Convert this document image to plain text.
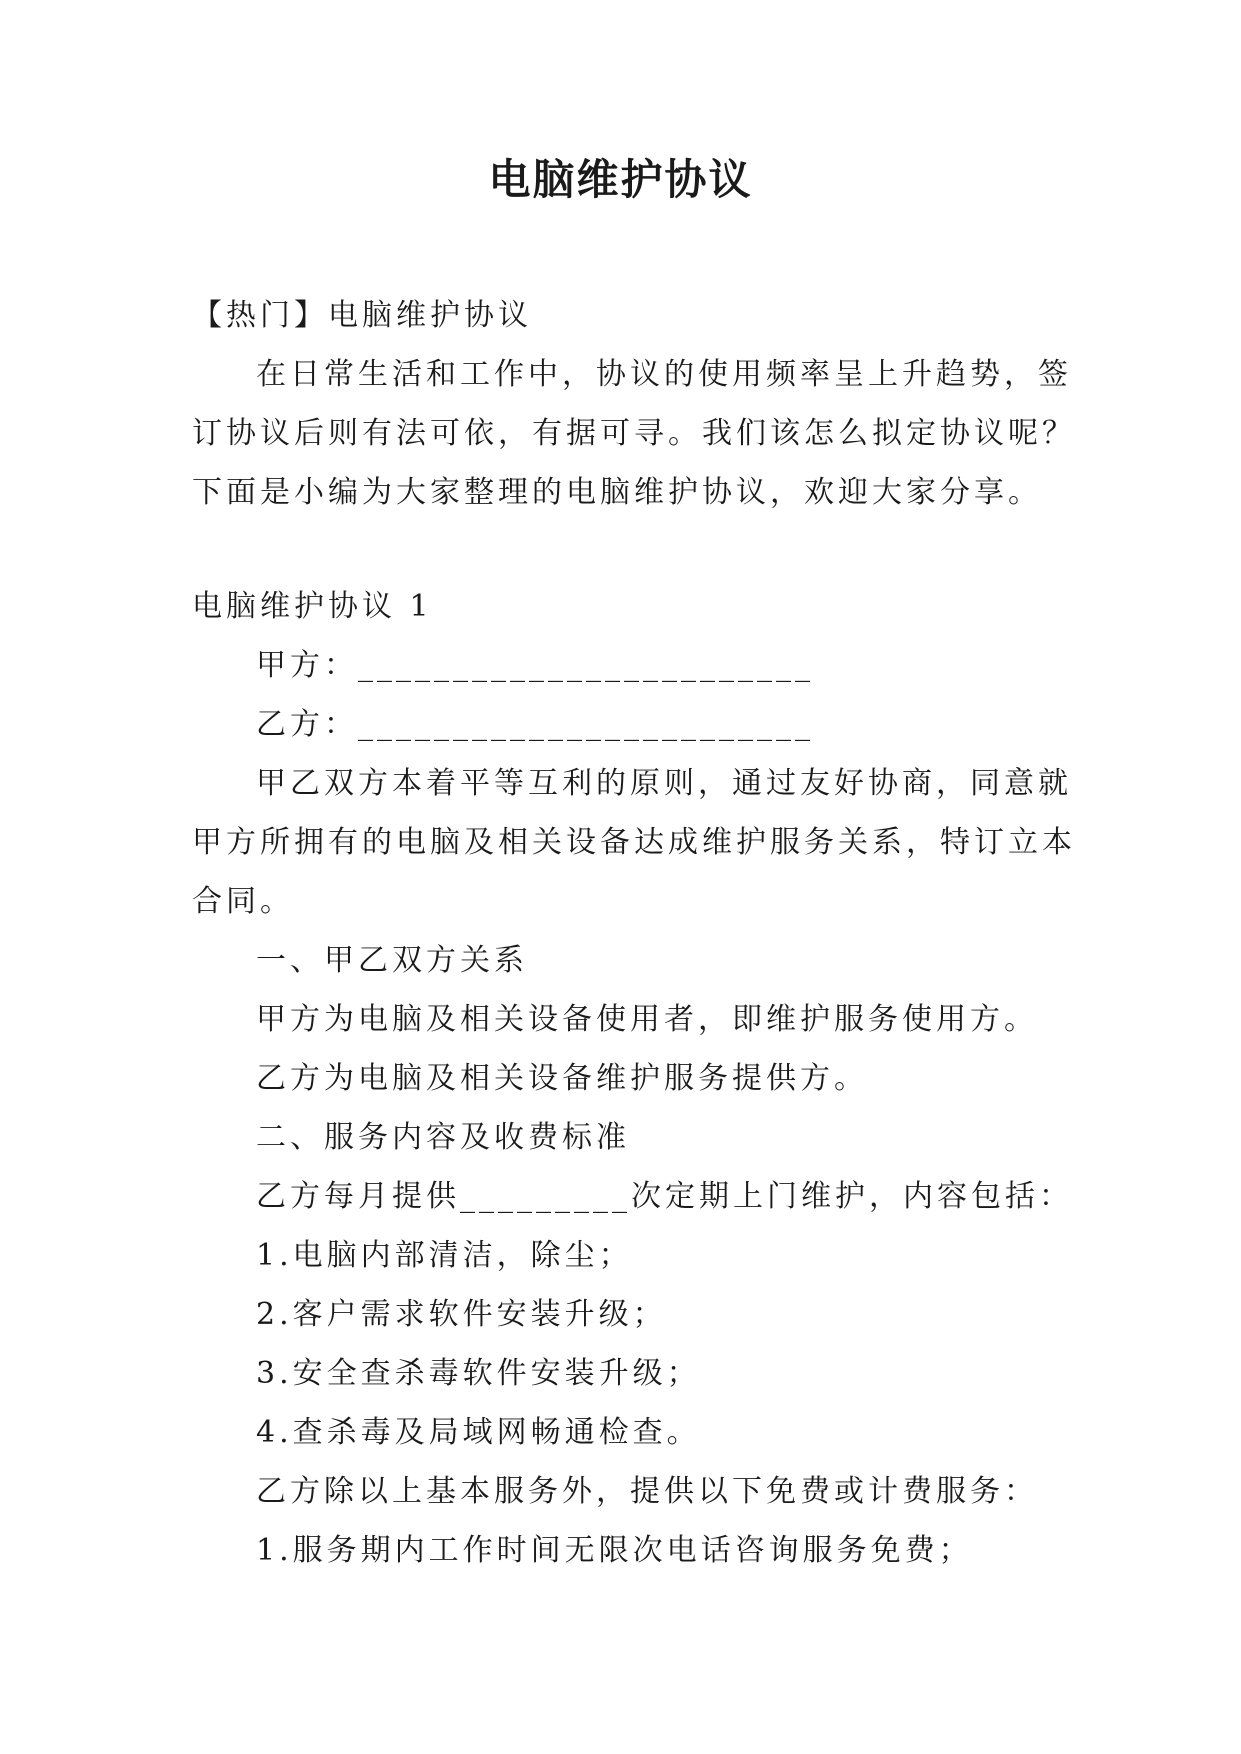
电脑维护协议
【热门】电脑维护协议
在日常生活和工作中，协议的使用频率呈上升趋势，签
订协议后则有法可依，有据可寻。我们该怎么拟定协议呢？
下面是小编为大家整理的电脑维护协议，欢迎大家分享。
电脑维护协议 1
甲方：________________________
乙方：________________________
甲乙双方本着平等互利的原则，通过友好协商，同意就
甲方所拥有的电脑及相关设备达成维护服务关系，特订立本
合同。
一、甲乙双方关系
甲方为电脑及相关设备使用者，即维护服务使用方。
乙方为电脑及相关设备维护服务提供方。
二、服务内容及收费标准
乙方每月提供_________次定期上门维护，内容包括：
1.电脑内部清洁，除尘；
2.客户需求软件安装升级；
3.安全查杀毒软件安装升级；
4.查杀毒及局域网畅通检查。
乙方除以上基本服务外，提供以下免费或计费服务：
1.服务期内工作时间无限次电话咨询服务免费；
